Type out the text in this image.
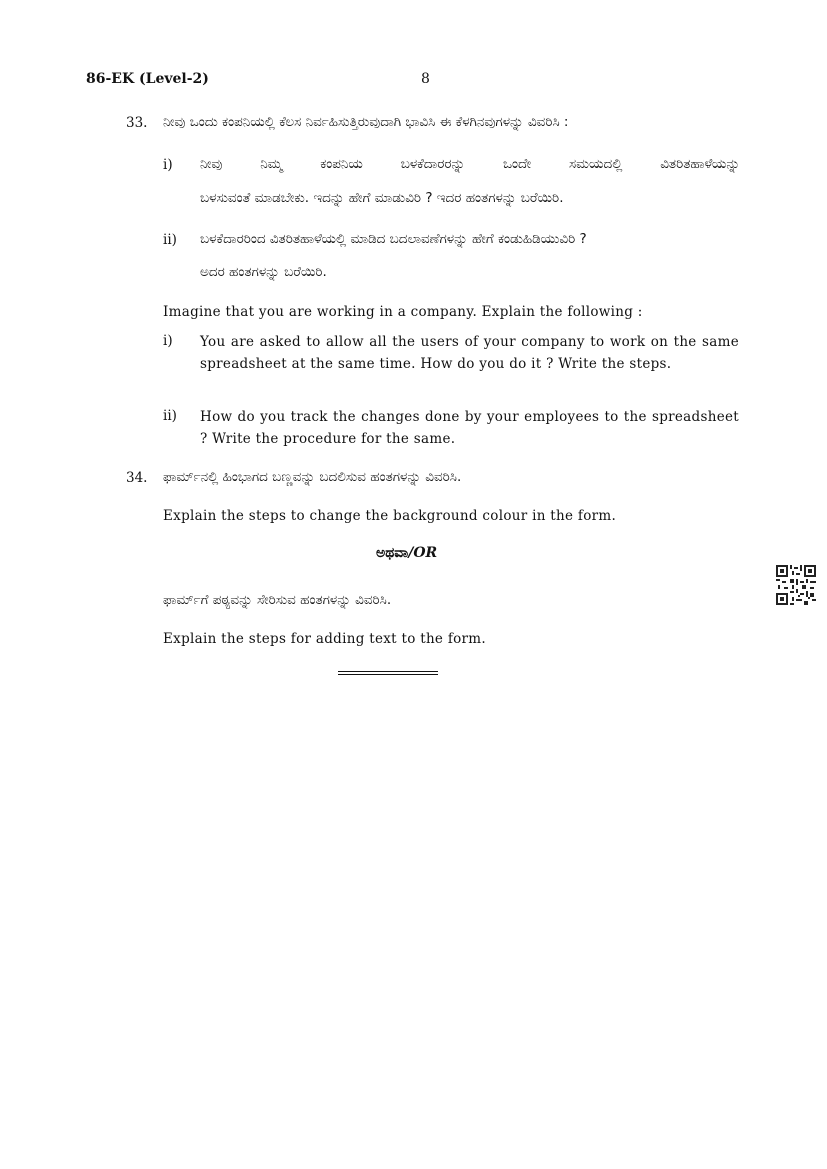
86-EK (Level-2)	8
33. ನೀವು ಒಂದು ಕಂಪನಿಯಲ್ಲಿ ಕೆಲಸ ನಿರ್ವಹಿಸುತ್ತಿರುವುದಾಗಿ ಭಾವಿಸಿ ಈ ಕೆಳಗಿನವುಗಳನ್ನು ವಿವರಿಸಿ :
i) ನೀವು ನಿಮ್ಮ ಕಂಪನಿಯ ಬಳಕೆದಾರರನ್ನು ಒಂದೇ ಸಮಯದಲ್ಲಿ ವಿತರಿತಹಾಳೆಯನ್ನು
ಬಳಸುವಂತೆ ಮಾಡಬೇಕು. ಇದನ್ನು ಹೇಗೆ ಮಾಡುವಿರಿ ? ಇದರ ಹಂತಗಳನ್ನು ಬರೆಯಿರಿ.
ii) ಬಳಕೆದಾರರಿಂದ ವಿತರಿತಹಾಳೆಯಲ್ಲಿ ಮಾಡಿದ ಬದಲಾವಣೆಗಳನ್ನು ಹೇಗೆ ಕಂಡುಹಿಡಿಯುವಿರಿ ?
ಅದರ ಹಂತಗಳನ್ನು ಬರೆಯಿರಿ.
Imagine that you are working in a company. Explain the following :
i) You are asked to allow all the users of your company to work on the same spreadsheet at the same time. How do you do it ? Write the steps.
ii) How do you track the changes done by your employees to the spreadsheet ? Write the procedure for the same.
34. ಫಾರ್ಮ್‌ನಲ್ಲಿ ಹಿಂಭಾಗದ ಬಣ್ಣವನ್ನು ಬದಲಿಸುವ ಹಂತಗಳನ್ನು ವಿವರಿಸಿ.
Explain the steps to change the background colour in the form.
ಅಥವಾ/OR
ಫಾರ್ಮ್‌ಗೆ ಪಠ್ಯವನ್ನು ಸೇರಿಸುವ ಹಂತಗಳನ್ನು ವಿವರಿಸಿ.
Explain the steps for adding text to the form.
